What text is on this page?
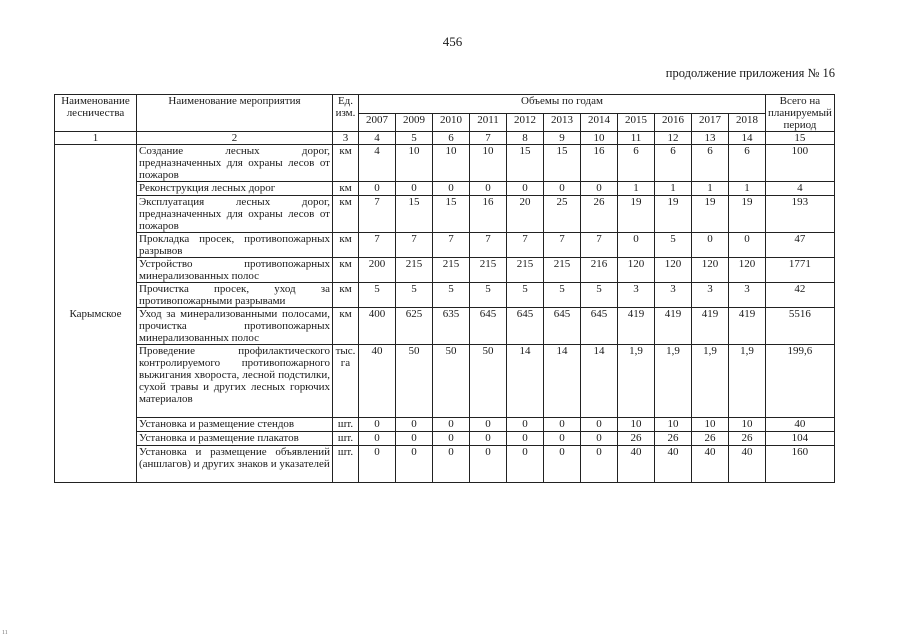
456
продолжение приложения № 16
Наименование лесничества	Наименование мероприятия	Ед. изм.	Объемы по годам											Всего на планируемый период
			2007	2009	2010	2011	2012	2013	2014	2015	2016	2017	2018	
1	2	3	4	5	6	7	8	9	10	11	12	13	14	15
Карымское	Создание лесных дорог, предназначенных для охраны лесов от пожаров	км	4	10	10	10	15	15	16	6	6	6	6	100
	Реконструкция лесных дорог	км	0	0	0	0	0	0	0	1	1	1	1	4
	Эксплуатация лесных дорог, предназначенных для охраны лесов от пожаров	км	7	15	15	16	20	25	26	19	19	19	19	193
	Прокладка просек, противопожарных разрывов	км	7	7	7	7	7	7	7	0	5	0	0	47
	Устройство противопожарных минерализованных полос	км	200	215	215	215	215	215	216	120	120	120	120	1771
	Прочистка просек, уход за противопожарными разрывами	км	5	5	5	5	5	5	5	3	3	3	3	42
	Уход за минерализованными полосами, прочистка противопожарных минерализованных полос	км	400	625	635	645	645	645	645	419	419	419	419	5516
	Проведение профилактического контролируемого противопожарного выжигания хвороста, лесной подстилки, сухой травы и других лесных горючих материалов	тыс. га	40	50	50	50	14	14	14	1,9	1,9	1,9	1,9	199,6
	Установка и размещение стендов	шт.	0	0	0	0	0	0	0	10	10	10	10	40
	Установка и размещение плакатов	шт.	0	0	0	0	0	0	0	26	26	26	26	104
	Установка и размещение объявлений (аншлагов) и других знаков и указателей	шт.	0	0	0	0	0	0	0	40	40	40	40	160
11
